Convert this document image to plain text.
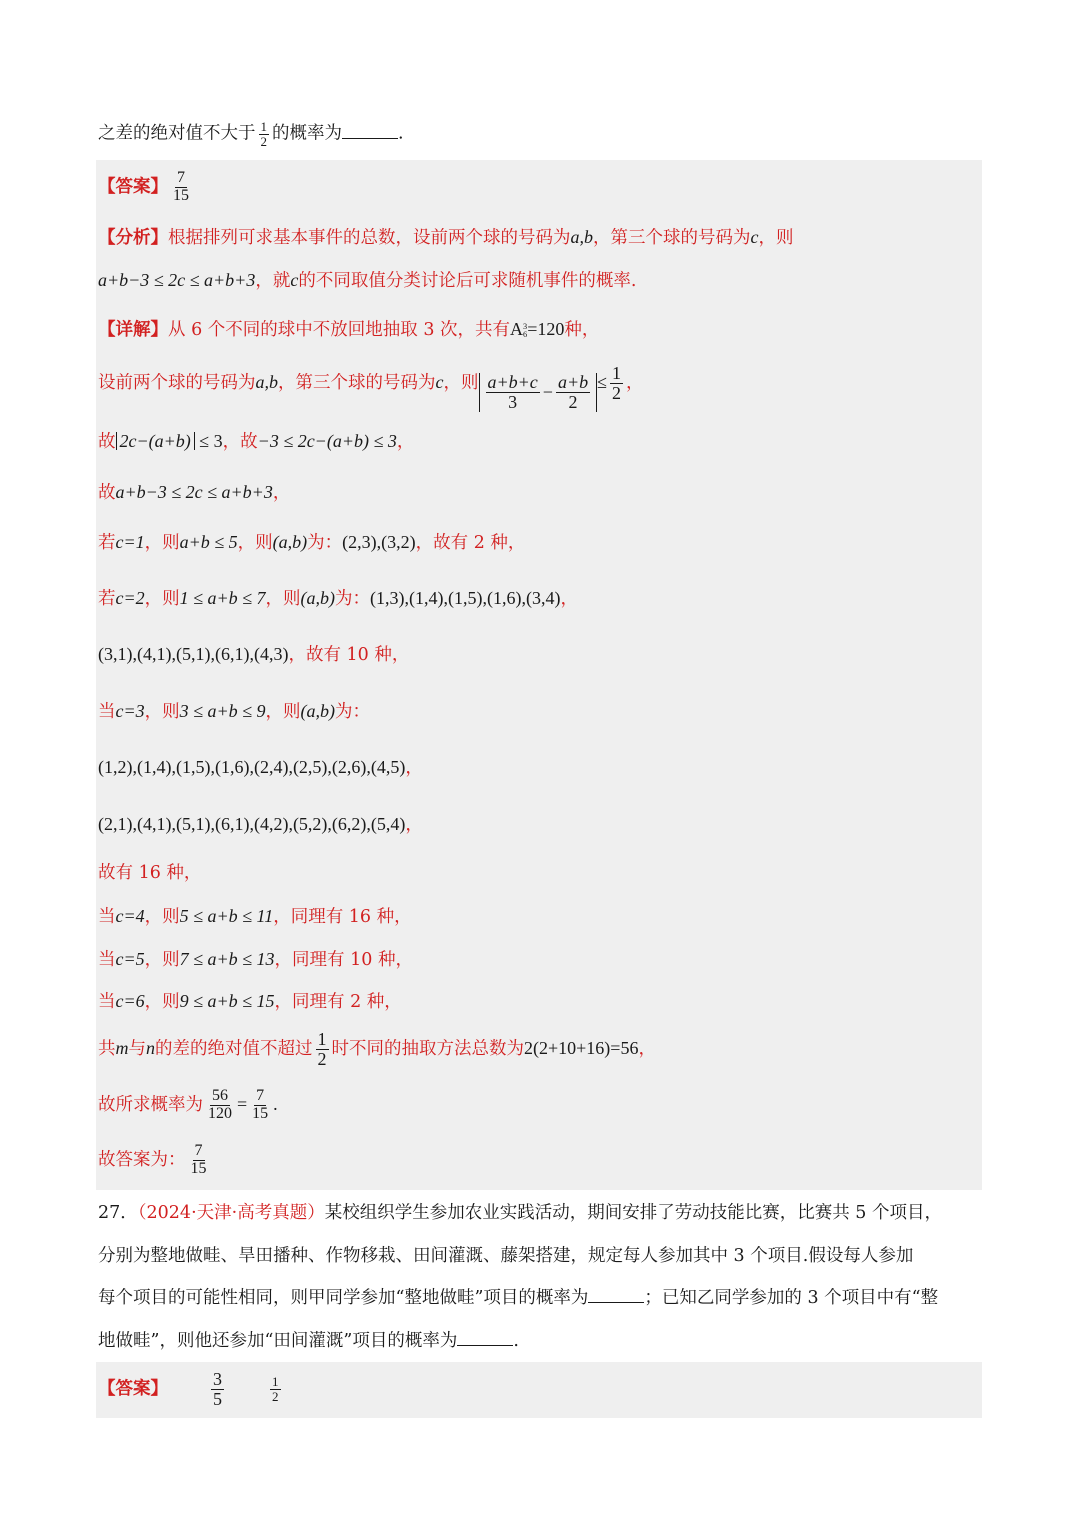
之差的绝对值不大于 $\frac{1}{2}$ 的概率为	.
【答案】 $\frac{7}{15}$
【分析】根据排列可求基本事件的总数，设前两个球的号码为a,b，第三个球的号码为c，则
a+b−3 ≤ 2c ≤ a+b+3，就c的不同取值分类讨论后可求随机事件的概率.
【详解】从 6 个不同的球中不放回地抽取 3 次，共有A 3
6 =120种，
设前两个球的号码为a,b，第三个球的号码为c，则 $\frac{a+b+c}{3} - \frac{a+b}{2} \le \frac{1}{2}$ ，
故 2c−(a+b) ≤ 3，故−3 ≤ 2c−(a+b) ≤ 3，
故a+b−3 ≤ 2c ≤ a+b+3，
若c=1，则a+b ≤ 5，则(a,b)为：(2,3),(3,2)，故有 2 种，
若c=2，则1 ≤ a+b ≤ 7，则(a,b)为：(1,3),(1,4),(1,5),(1,6),(3,4)，
(3,1),(4,1),(5,1),(6,1),(4,3)，故有 10 种，
当c=3，则3 ≤ a+b ≤ 9，则(a,b)为：
(1,2),(1,4),(1,5),(1,6),(2,4),(2,5),(2,6),(4,5)，
(2,1),(4,1),(5,1),(6,1),(4,2),(5,2),(6,2),(5,4)，
故有 16 种，
当c=4，则5 ≤ a+b ≤ 11，同理有 16 种，
当c=5，则7 ≤ a+b ≤ 13，同理有 10 种，
当c=6，则9 ≤ a+b ≤ 15，同理有 2 种，
共m与n的差的绝对值不超过 $\frac{1}{2}$ 时不同的抽取方法总数为2(2+10+16)=56，
故所求概率为 $\frac{56}{120} = \frac{7}{15}$ .
故答案为： $\frac{7}{15}$
27．（2024·天津·高考真题）某校组织学生参加农业实践活动，期间安排了劳动技能比赛，比赛共 5 个项目，
分别为整地做畦、旱田播种、作物移栽、田间灌溉、藤架搭建，规定每人参加其中 3 个项目.假设每人参加
每个项目的可能性相同，则甲同学参加“整地做畦”项目的概率为	；已知乙同学参加的 3 个项目中有“整
地做畦”，则他还参加“田间灌溉”项目的概率为	.
【答案】 $\frac{3}{5}$	$\frac{1}{2}$
